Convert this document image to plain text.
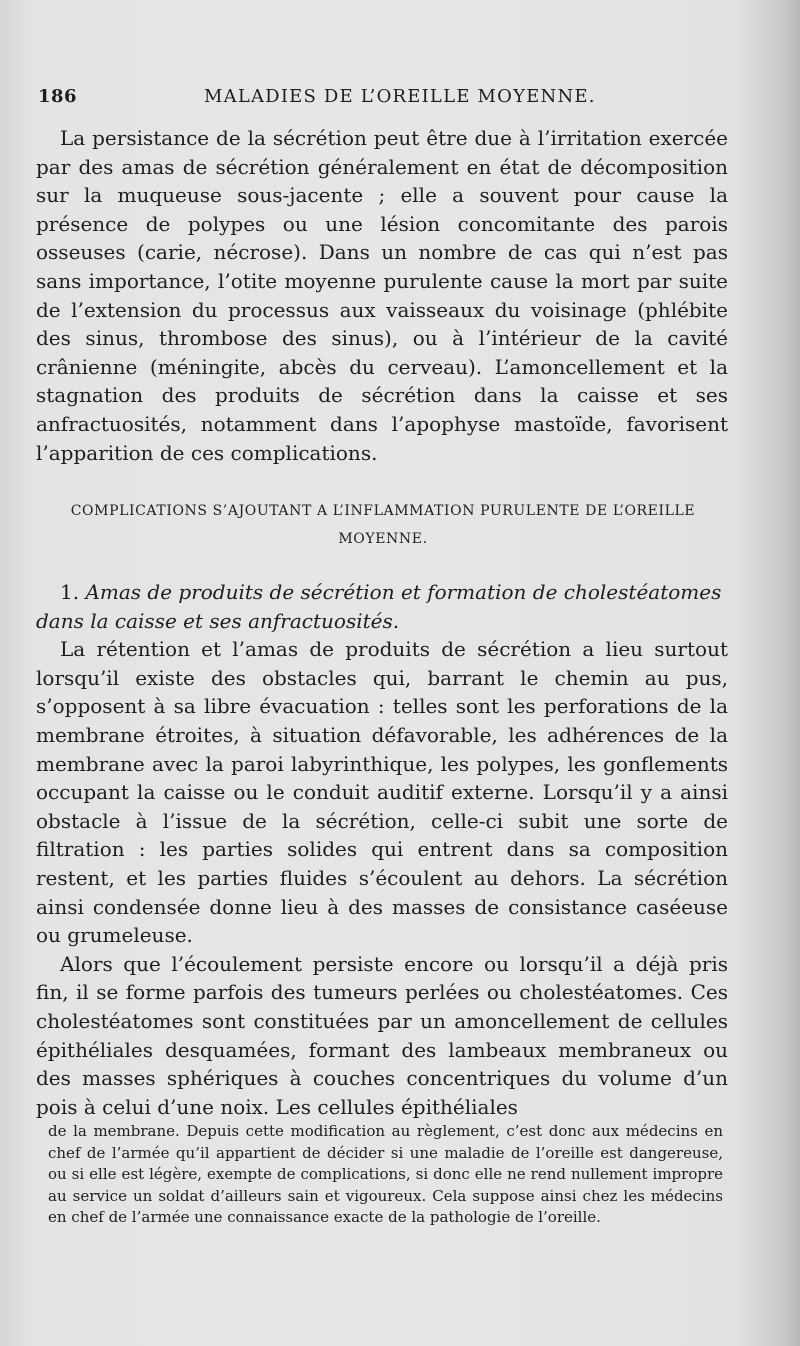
186	MALADIES DE L’OREILLE MOYENNE.

La persistance de la sécrétion peut être due à l’irritation exercée par des amas de sécrétion généralement en état de décomposition sur la muqueuse sous-jacente ; elle a souvent pour cause la présence de polypes ou une lésion concomitante des parois osseuses (carie, nécrose). Dans un nombre de cas qui n’est pas sans importance, l’otite moyenne purulente cause la mort par suite de l’extension du processus aux vaisseaux du voisinage (phlébite des sinus, thrombose des sinus), ou à l’intérieur de la cavité crânienne (méningite, abcès du cerveau). L’amoncellement et la stagnation des produits de sécrétion dans la caisse et ses anfractuosités, notamment dans l’apophyse mastoïde, favorisent l’apparition de ces complications.

COMPLICATIONS S’AJOUTANT A L’INFLAMMATION PURULENTE DE L’OREILLE
MOYENNE.

1. Amas de produits de sécrétion et formation de cholestéatomes dans la caisse et ses anfractuosités.

La rétention et l’amas de produits de sécrétion a lieu surtout lorsqu’il existe des obstacles qui, barrant le chemin au pus, s’opposent à sa libre évacuation : telles sont les perforations de la membrane étroites, à situation défavorable, les adhérences de la membrane avec la paroi labyrinthique, les polypes, les gonflements occupant la caisse ou le conduit auditif externe. Lorsqu’il y a ainsi obstacle à l’issue de la sécrétion, celle-ci subit une sorte de filtration : les parties solides qui entrent dans sa composition restent, et les parties fluides s’écoulent au dehors. La sécrétion ainsi condensée donne lieu à des masses de consistance caséeuse ou grumeleuse.

Alors que l’écoulement persiste encore ou lorsqu’il a déjà pris fin, il se forme parfois des tumeurs perlées ou cholestéatomes. Ces cholestéatomes sont constituées par un amoncellement de cellules épithéliales desquamées, formant des lambeaux membraneux ou des masses sphériques à couches concentriques du volume d’un pois à celui d’une noix. Les cellules épithéliales

de la membrane. Depuis cette modification au règlement, c’est donc aux médecins en chef de l’armée qu’il appartient de décider si une maladie de l’oreille est dangereuse, ou si elle est légère, exempte de complications, si donc elle ne rend nullement impropre au service un soldat d’ailleurs sain et vigoureux. Cela suppose ainsi chez les médecins en chef de l’armée une connaissance exacte de la pathologie de l’oreille.
